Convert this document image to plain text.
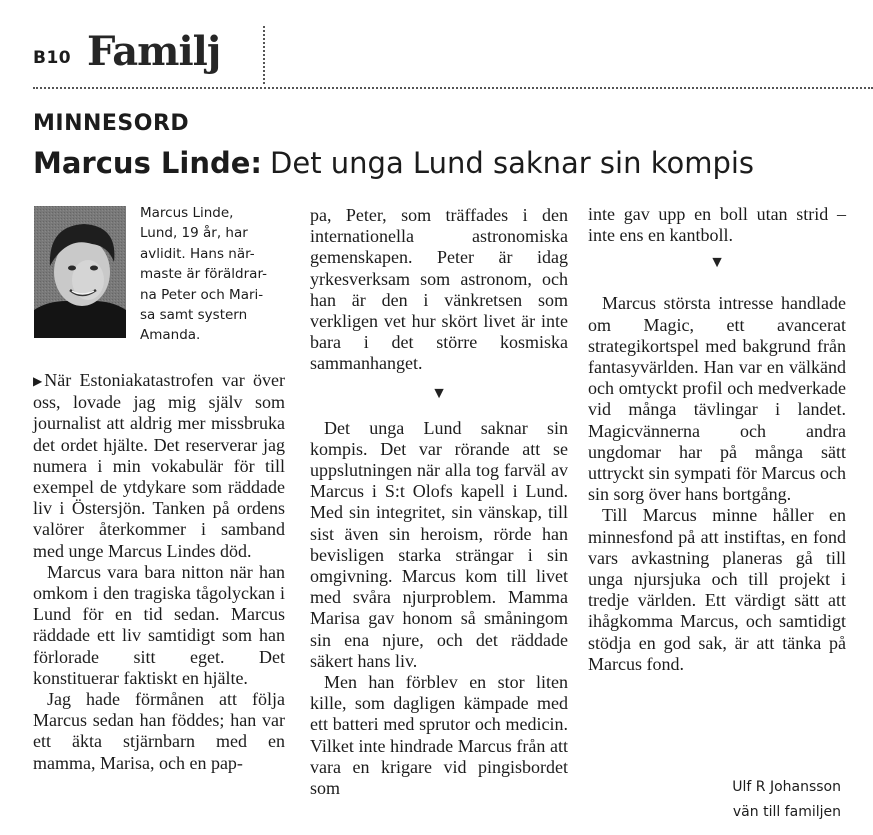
B10 Familj
MINNESORD
Marcus Linde: Det unga Lund saknar sin kompis
Marcus Linde,
Lund, 19 år, har
avlidit. Hans när-
maste är föräldrar-
na Peter och Mari-
sa samt systern
Amanda.

▶ När Estoniakatastrofen var över oss, lovade jag mig själv som journalist att aldrig mer missbruka det ordet hjälte. Det reserverar jag numera i min vokabulär för till exempel de ytdykare som räddade liv i Östersjön. Tanken på ordens valörer återkommer i samband med unge Marcus Lindes död.

Marcus vara bara nitton när han omkom i den tragiska tågolyckan i Lund för en tid sedan. Marcus räddade ett liv samtidigt som han förlorade sitt eget. Det konstituerar faktiskt en hjälte.

Jag hade förmånen att följa Marcus sedan han föddes; han var ett äkta stjärnbarn med en mamma, Marisa, och en pap-

pa, Peter, som träffades i den internationella astronomiska gemenskapen. Peter är idag yrkesverksam som astronom, och han är den i vänkretsen som verkligen vet hur skört livet är inte bara i det större kosmiska sammanhanget.

▼

Det unga Lund saknar sin kompis. Det var rörande att se uppslutningen när alla tog farväl av Marcus i S:t Olofs kapell i Lund. Med sin integritet, sin vänskap, till sist även sin heroism, rörde han bevisligen starka strängar i sin omgivning. Marcus kom till livet med svåra njurproblem. Mamma Marisa gav honom så småningom sin ena njure, och det räddade säkert hans liv.

Men han förblev en stor liten kille, som dagligen kämpade med ett batteri med sprutor och medicin. Vilket inte hindrade Marcus från att vara en krigare vid pingisbordet som

inte gav upp en boll utan strid – inte ens en kantboll.

▼

Marcus största intresse handlade om Magic, ett avancerat strategikortspel med bakgrund från fantasyvärlden. Han var en välkänd och omtyckt profil och medverkade vid många tävlingar i landet. Magicvännerna och andra ungdomar har på många sätt uttryckt sin sympati för Marcus och sin sorg över hans bortgång.

Till Marcus minne håller en minnesfond på att instiftas, en fond vars avkastning planeras gå till unga njursjuka och till projekt i tredje världen. Ett värdigt sätt att ihågkomma Marcus, och samtidigt stödja en god sak, är att tänka på Marcus fond.

Ulf R Johansson
vän till familjen
